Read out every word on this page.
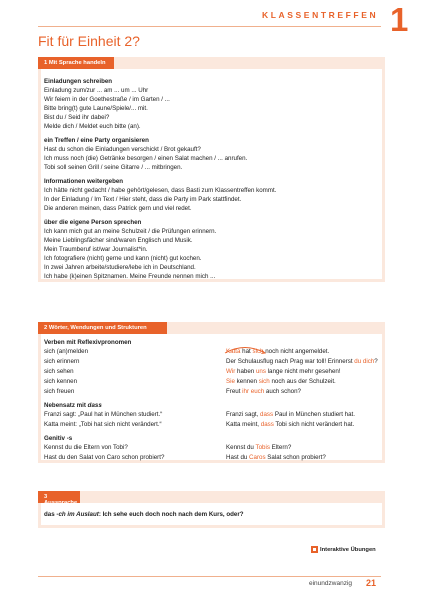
KLASSENTREFFEN 1
Fit für Einheit 2?
1 Mit Sprache handeln
Einladungen schreiben
Einladung zum/zur ... am ... um ... Uhr
Wir feiern in der Goethestraße / im Garten / ...
Bitte bring(t) gute Laune/Spiele/... mit.
Bist du / Seid ihr dabei?
Melde dich / Meldet euch bitte (an).
ein Treffen / eine Party organisieren
Hast du schon die Einladungen verschickt / Brot gekauft?
Ich muss noch (die) Getränke besorgen / einen Salat machen / ... anrufen.
Tobi soll seinen Grill / seine Gitarre / ... mitbringen.
Informationen weitergeben
Ich hätte nicht gedacht / habe gehört/gelesen, dass Basti zum Klassentreffen kommt.
In der Einladung / Im Text / Hier steht, dass die Party im Park stattfindet.
Die anderen meinen, dass Patrick gern und viel redet.
über die eigene Person sprechen
Ich kann mich gut an meine Schulzeit / die Prüfungen erinnern.
Meine Lieblingsfächer sind/waren Englisch und Musik.
Mein Traumberuf ist/war Journalist*in.
Ich fotografiere (nicht) gerne und kann (nicht) gut kochen.
In zwei Jahren arbeite/studiere/lebe ich in Deutschland.
Ich habe (k)einen Spitznamen. Meine Freunde nennen mich ...
2 Wörter, Wendungen und Strukturen
Verben mit Reflexivpronomen
sich (an)melden	Katta hat sich noch nicht angemeldet.
sich erinnern	Der Schulausflug nach Prag war toll! Erinnerst du dich?
sich sehen	Wir haben uns lange nicht mehr gesehen!
sich kennen	Sie kennen sich noch aus der Schulzeit.
sich freuen	Freut ihr euch auch schon?
Nebensatz mit dass
Franzi sagt: „Paul hat in München studiert.“	Franzi sagt, dass Paul in München studiert hat.
Katta meint: „Tobi hat sich nicht verändert.“	Katta meint, dass Tobi sich nicht verändert hat.
Genitiv -s
Kennst du die Eltern von Tobi?	Kennst du Tobis Eltern?
Hast du den Salat von Caro schon probiert?	Hast du Caros Salat schon probiert?
3
das -ch im Auslaut: Ich sehe euch doch noch nach dem Kurs, oder?
Interaktive Übungen
einundzwanzig 21
